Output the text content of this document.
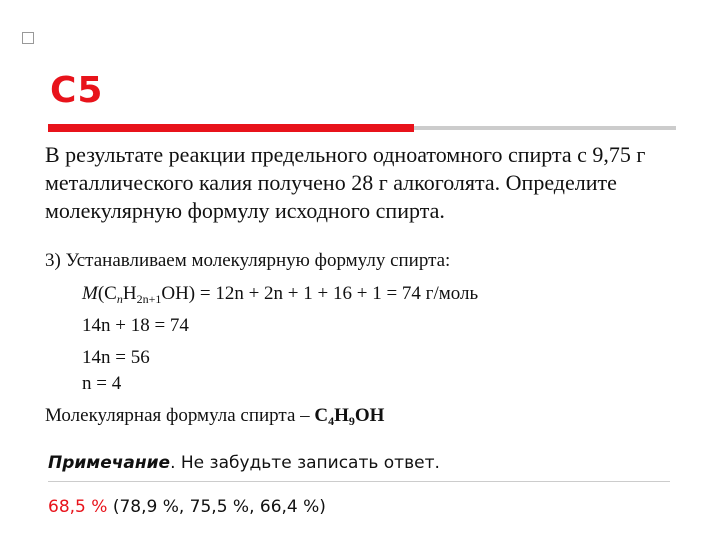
C5
В результате реакции предельного одноатомного спирта с 9,75 г металлического калия получено 28 г алкоголята. Определите молекулярную формулу исходного спирта.
3) Устанавливаем молекулярную формулу спирта:
$M(C_nH_{2n+1}OH) = 12n + 2n + 1 + 16 + 1 = 74$ г/моль
14n + 18 = 74
14n = 56
n = 4
Молекулярная формула спирта – $C_4H_9OH$
Примечание. Не забудьте записать ответ.
68,5 % (78,9 %, 75,5 %, 66,4 %)
